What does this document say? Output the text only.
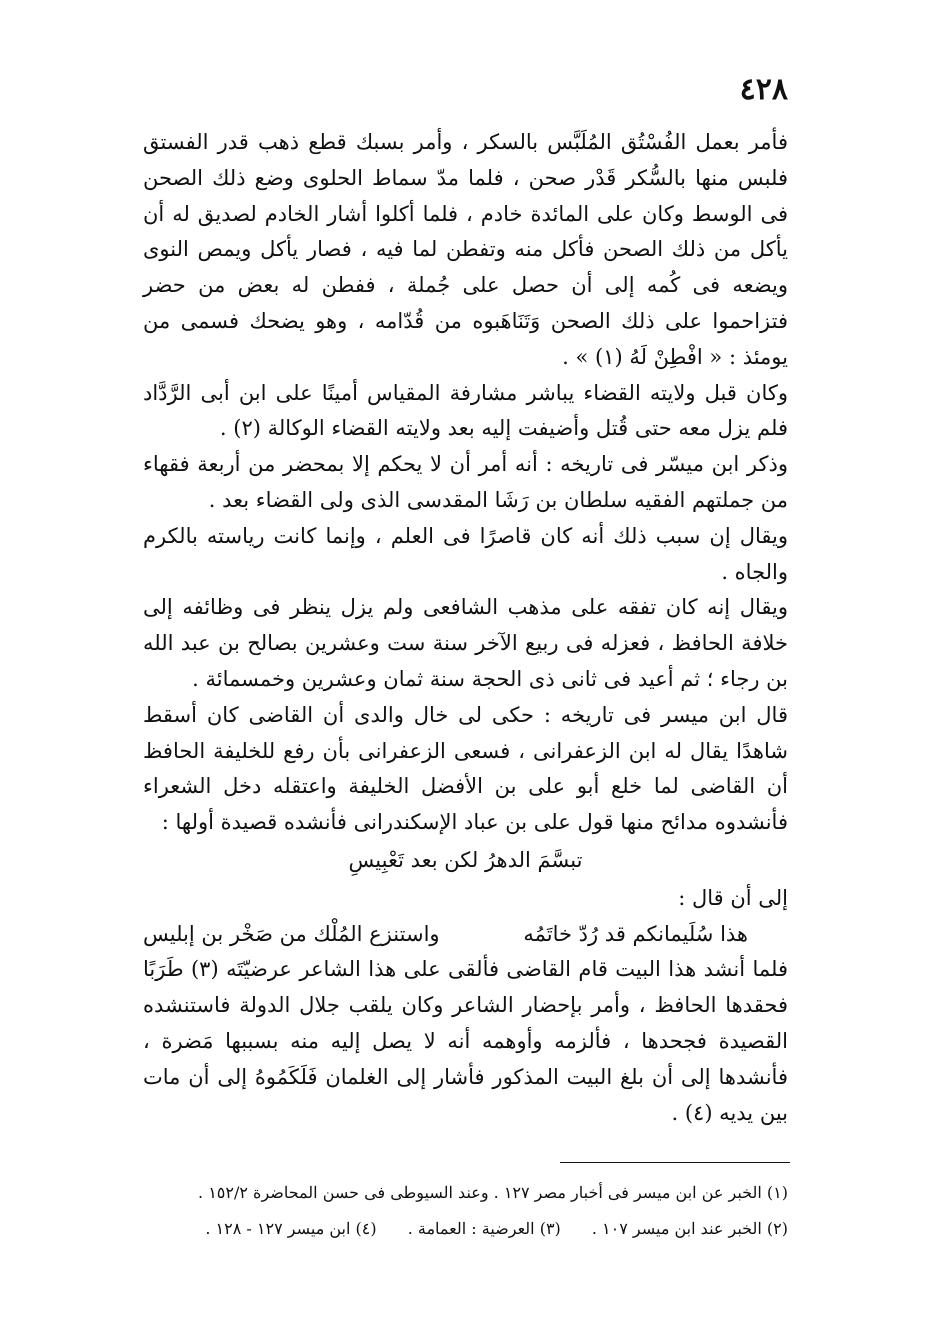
٤٢٨

فأمر بعمل الفُسْتُق المُلَبَّس بالسكر ، وأمر بسبك قطع ذهب قدر الفستق فلبس منها بالسُّكر قَدْر صحن ، فلما مدّ سماط الحلوى وضع ذلك الصحن فى الوسط وكان على المائدة خادم ، فلما أكلوا أشار الخادم لصديق له أن يأكل من ذلك الصحن فأكل منه وتفطن لما فيه ، فصار يأكل ويمص النوى ويضعه فى كُمه إلى أن حصل على جُملة ، ففطن له بعض من حضر فتزاحموا على ذلك الصحن وَتَنَاهَبوه من قُدّامه ، وهو يضحك فسمى من يومئذ : « افْطِنْ لَهُ (١) » .

وكان قبل ولايته القضاء يباشر مشارفة المقياس أمينًا على ابن أبى الرَّدَّاد فلم يزل معه حتى قُتل وأضيفت إليه بعد ولايته القضاء الوكالة (٢) .

وذكر ابن ميسّر فى تاريخه : أنه أمر أن لا يحكم إلا بمحضر من أربعة فقهاء من جملتهم الفقيه سلطان بن رَشَا المقدسى الذى ولى القضاء بعد .

ويقال إن سبب ذلك أنه كان قاصرًا فى العلم ، وإنما كانت رياسته بالكرم والجاه .

ويقال إنه كان تفقه على مذهب الشافعى ولم يزل ينظر فى وظائفه إلى خلافة الحافظ ، فعزله فى ربيع الآخر سنة ست وعشرين بصالح بن عبد الله بن رجاء ؛ ثم أعيد فى ثانى ذى الحجة سنة ثمان وعشرين وخمسمائة .

قال ابن ميسر فى تاريخه : حكى لى خال والدى أن القاضى كان أسقط شاهدًا يقال له ابن الزعفرانى ، فسعى الزعفرانى بأن رفع للخليفة الحافظ أن القاضى لما خلع أبو على بن الأفضل الخليفة واعتقله دخل الشعراء فأنشدوه مدائح منها قول على بن عباد الإسكندرانى فأنشده قصيدة أولها :

تبسَّمَ الدهرُ لكن بعد تَعْبِيسِ

إلى أن قال :

هذا سُلَيمانكم قد رُدّ خاتَمُه
واستنزع المُلْك من صَخْر بن إبليس

فلما أنشد هذا البيت قام القاضى فألقى على هذا الشاعر عرضيّتَه (٣) طَرَبًا فحقدها الحافظ ، وأمر بإحضار الشاعر وكان يلقب جلال الدولة فاستنشده القصيدة فجحدها ، فألزمه وأوهمه أنه لا يصل إليه منه بسببها مَضرة ، فأنشدها إلى أن بلغ البيت المذكور فأشار إلى الغلمان فَلَكَمُوهُ إلى أن مات بين يديه (٤) .

(١) الخبر عن ابن ميسر فى أخبار مصر ١٢٧ . وعند السيوطى فى حسن المحاضرة ١٥٢/٢ .

(٢) الخبر عند ابن ميسر ١٠٧ . (٣) العرضية : العمامة . (٤) ابن ميسر ١٢٧ - ١٢٨ .
